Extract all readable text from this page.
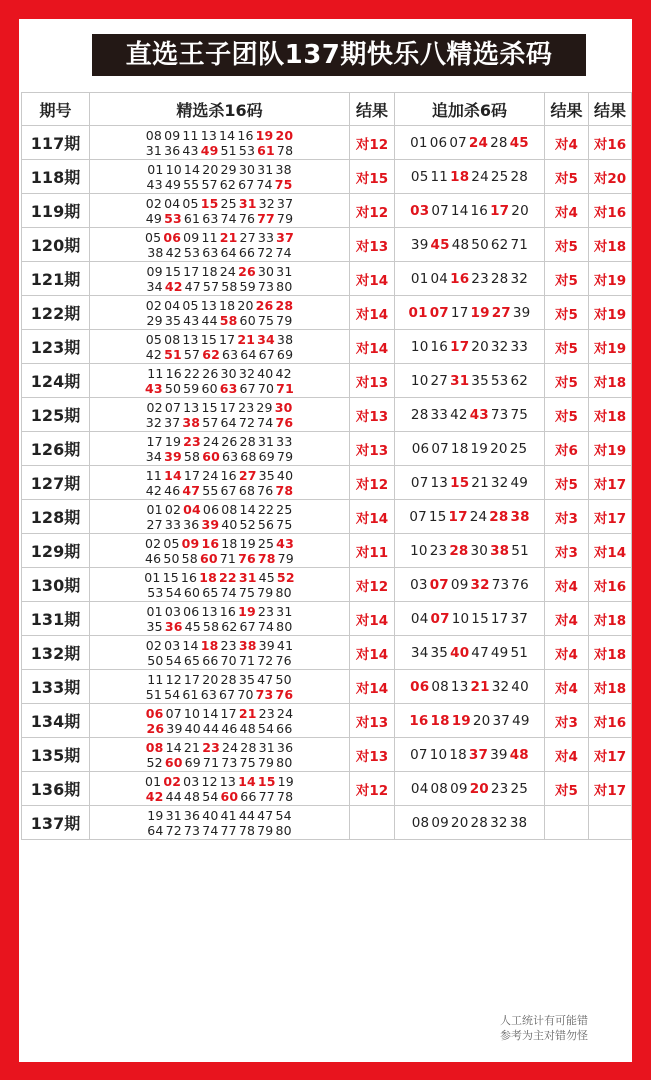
直选王子团队137期快乐八精选杀码
期号	精选杀16码	结果	追加杀6码	结果	结果
117期	08 09 11 13 14 16 19 20
31 36 43 49 51 53 61 78	对12	01 06 07 24 28 45	对4	对16
118期	01 10 14 20 29 30 31 38
43 49 55 57 62 67 74 75	对15	05 11 18 24 25 28	对5	对20
119期	02 04 05 15 25 31 32 37
49 53 61 63 74 76 77 79	对12	03 07 14 16 17 20	对4	对16
120期	05 06 09 11 21 27 33 37
38 42 53 63 64 66 72 74	对13	39 45 48 50 62 71	对5	对18
121期	09 15 17 18 24 26 30 31
34 42 47 57 58 59 73 80	对14	01 04 16 23 28 32	对5	对19
122期	02 04 05 13 18 20 26 28
29 35 43 44 58 60 75 79	对14	01 07 17 19 27 39	对5	对19
123期	05 08 13 15 17 21 34 38
42 51 57 62 63 64 67 69	对14	10 16 17 20 32 33	对5	对19
124期	11 16 22 26 30 32 40 42
43 50 59 60 63 67 70 71	对13	10 27 31 35 53 62	对5	对18
125期	02 07 13 15 17 23 29 30
32 37 38 57 64 72 74 76	对13	28 33 42 43 73 75	对5	对18
126期	17 19 23 24 26 28 31 33
34 39 58 60 63 68 69 79	对13	06 07 18 19 20 25	对6	对19
127期	11 14 17 24 16 27 35 40
42 46 47 55 67 68 76 78	对12	07 13 15 21 32 49	对5	对17
128期	01 02 04 06 08 14 22 25
27 33 36 39 40 52 56 75	对14	07 15 17 24 28 38	对3	对17
129期	02 05 09 16 18 19 25 43
46 50 58 60 71 76 78 79	对11	10 23 28 30 38 51	对3	对14
130期	01 15 16 18 22 31 45 52
53 54 60 65 74 75 79 80	对12	03 07 09 32 73 76	对4	对16
131期	01 03 06 13 16 19 23 31
35 36 45 58 62 67 74 80	对14	04 07 10 15 17 37	对4	对18
132期	02 03 14 18 23 38 39 41
50 54 65 66 70 71 72 76	对14	34 35 40 47 49 51	对4	对18
133期	11 12 17 20 28 35 47 50
51 54 61 63 67 70 73 76	对14	06 08 13 21 32 40	对4	对18
134期	06 07 10 14 17 21 23 24
26 39 40 44 46 48 54 66	对13	16 18 19 20 37 49	对3	对16
135期	08 14 21 23 24 28 31 36
52 60 69 71 73 75 79 80	对13	07 10 18 37 39 48	对4	对17
136期	01 02 03 12 13 14 15 19
42 44 48 54 60 66 77 78	对12	04 08 09 20 23 25	对5	对17
137期	19 31 36 40 41 44 47 54
64 72 73 74 77 78 79 80		08 09 20 28 32 38		
人工统计有可能错
参考为主对错勿怪
